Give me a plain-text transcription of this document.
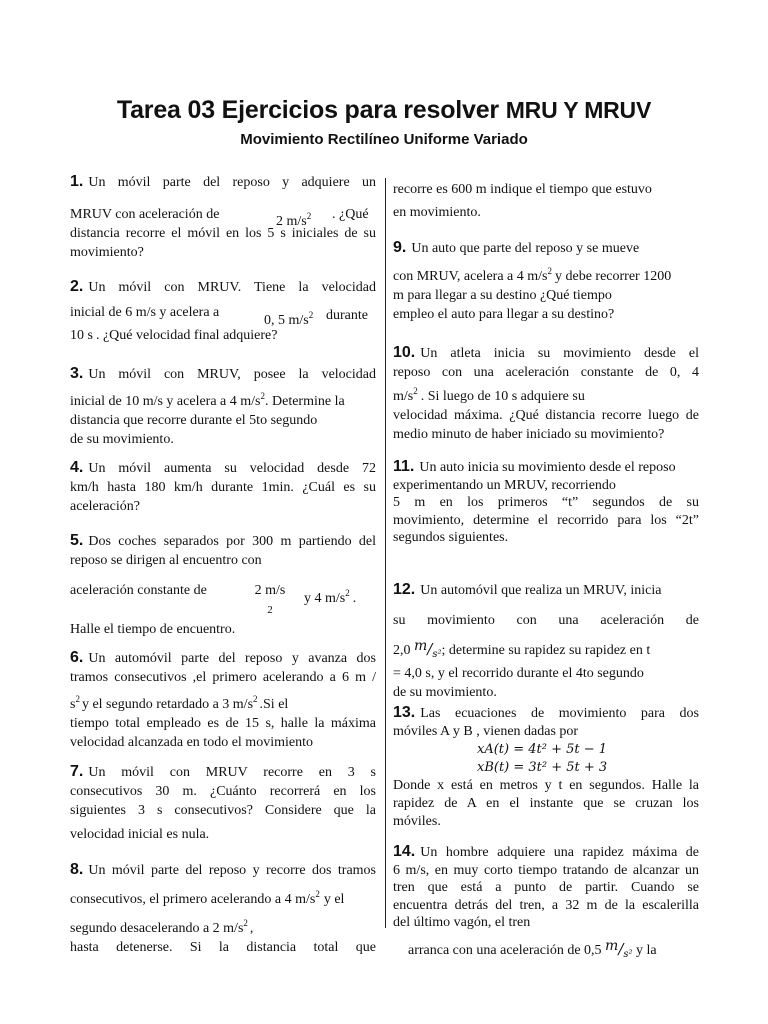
Tarea 03 Ejercicios para resolver MRU Y MRUV
Movimiento Rectilíneo Uniforme Variado
1. Un móvil parte del reposo y adquiere un
MRUV con aceleración de	2 $m/s^2$ . ¿Qué
distancia recorre el móvil en los 5 s iniciales de su
movimiento?
2. Un móvil con MRUV. Tiene la velocidad
inicial de 6 m/s y acelera a
0, 5 $m/s^2$ durante
10 s . ¿Qué velocidad final adquiere?
3. Un móvil con MRUV, posee la velocidad
inicial de 10 m/s y acelera a 4 $m/s^2$. Determine la
distancia que recorre durante el 5to segundo
de su movimiento.
4. Un móvil aumenta su velocidad desde 72
km/h hasta 180 km/h durante 1min. ¿Cuál es su
aceleración?
5. Dos coches separados por 300 m partiendo del
reposo se dirigen al encuentro con
aceleración constante de	2 m/s
2
y 4 $m/s^2$ .
Halle el tiempo de encuentro.
6. Un automóvil parte del reposo y avanza dos
tramos consecutivos ,el primero acelerando a 6 m /
$s^2$ y el segundo retardado a 3 $m/s^2$ .Si el
tiempo total empleado es de 15 s, halle la máxima
velocidad alcanzada en todo el movimiento
7. Un móvil con MRUV recorre en 3 s
consecutivos 30 m. ¿Cuánto recorrerá en los
siguientes 3 s consecutivos? Considere que la
velocidad inicial es nula.
8. Un móvil parte del reposo y recorre dos tramos
consecutivos, el primero acelerando a 4 $m/s^2$ y el
segundo desacelerando a 2 $m/s^2$ ,
hasta detenerse. Si la distancia total que
recorre es 600 m indique el tiempo que estuvo
en movimiento.
9. Un auto que parte del reposo y se mueve
con MRUV, acelera a 4 $m/s^2$ y debe recorrer 1200
m para llegar a su destino ¿Qué tiempo
empleo el auto para llegar a su destino?
10. Un atleta inicia su movimiento desde el
reposo con una aceleración constante de 0, 4
$m/s^2$ . Si luego de 10 s adquiere su
velocidad máxima. ¿Qué distancia recorre luego de
medio minuto de haber iniciado su movimiento?
11. Un auto inicia su movimiento desde el reposo
experimentando un MRUV, recorriendo
5 m en los primeros “t” segundos de su
movimiento, determine el recorrido para los “2t”
segundos siguientes.
12. Un automóvil que realiza un MRUV, inicia
su movimiento con una aceleración de
2,0 $m/_{s^2}$; determine su rapidez su rapidez en t
= 4,0 s, y el recorrido durante el 4to segundo
de su movimiento.
13. Las ecuaciones de movimiento para dos
móviles A y B , vienen dadas por
xA(t) = 4t² + 5t − 1
xB(t) = 3t² + 5t + 3
Donde x está en metros y t en segundos. Halle la
rapidez de A en el instante que se cruzan los
móviles.
14. Un hombre adquiere una rapidez máxima de
6 m/s, en muy corto tiempo tratando de alcanzar un
tren que está a punto de partir. Cuando se
encuentra detrás del tren, a 32 m de la escalerilla
del último vagón, el tren
arranca con una aceleración de 0,5 $m/_{s^2}$ y la
